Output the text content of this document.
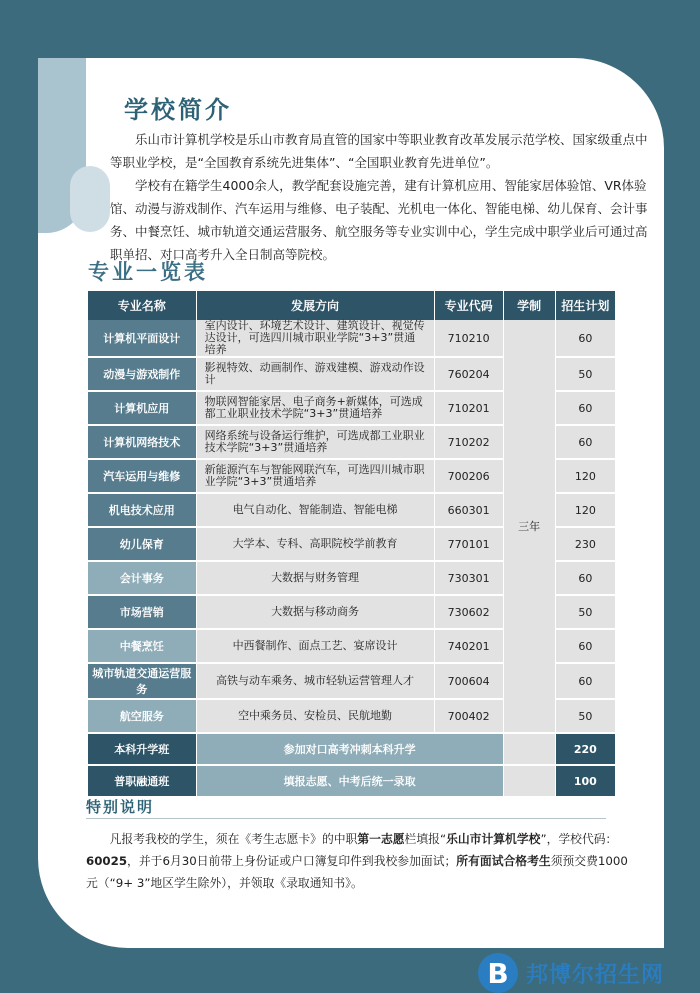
学校简介

乐山市计算机学校是乐山市教育局直管的国家中等职业教育改革发展示范学校、国家级重点中等职业学校，是“全国教育系统先进集体”、“全国职业教育先进单位”。

学校有在籍学生4000余人，教学配套设施完善，建有计算机应用、智能家居体验馆、VR体验馆、动漫与游戏制作、汽车运用与维修、电子装配、光机电一体化、智能电梯、幼儿保育、会计事务、中餐烹饪、城市轨道交通运营服务、航空服务等专业实训中心，学生完成中职学业后可通过高职单招、对口高考升入全日制高等院校。

专业一览表
专业名称	发展方向	专业代码	学制	招生计划
计算机平面设计	室内设计、环境艺术设计、建筑设计、视觉传达设计，可选四川城市职业学院“3+3”贯通培养	710210	三年	60
动漫与游戏制作	影视特效、动画制作、游戏建模、游戏动作设计	760204		50
计算机应用	物联网智能家居、电子商务+新媒体，可选成都工业职业技术学院“3+3”贯通培养	710201		60
计算机网络技术	网络系统与设备运行维护，可选成都工业职业技术学院“3+3”贯通培养	710202		60
汽车运用与维修	新能源汽车与智能网联汽车，可选四川城市职业学院“3+3”贯通培养	700206		120
机电技术应用	电气自动化、智能制造、智能电梯	660301		120
幼儿保育	大学本、专科、高职院校学前教育	770101		230
会计事务	大数据与财务管理	730301		60
市场营销	大数据与移动商务	730602		50
中餐烹饪	中西餐制作、面点工艺、宴席设计	740201		60
城市轨道交通运营服务	高铁与动车乘务、城市轻轨运营管理人才	700604		60
航空服务	空中乘务员、安检员、民航地勤	700402		50
本科升学班	参加对口高考冲刺本科升学			220
普职融通班	填报志愿、中考后统一录取			100
特别说明

凡报考我校的学生，须在《考生志愿卡》的中职第一志愿栏填报“乐山市计算机学校”，学校代码：60025，并于6月30日前带上身份证或户口簿复印件到我校参加面试；所有面试合格考生须预交费1000元（“9+ 3”地区学生除外），并领取《录取通知书》。

B 邦博尔招生网
